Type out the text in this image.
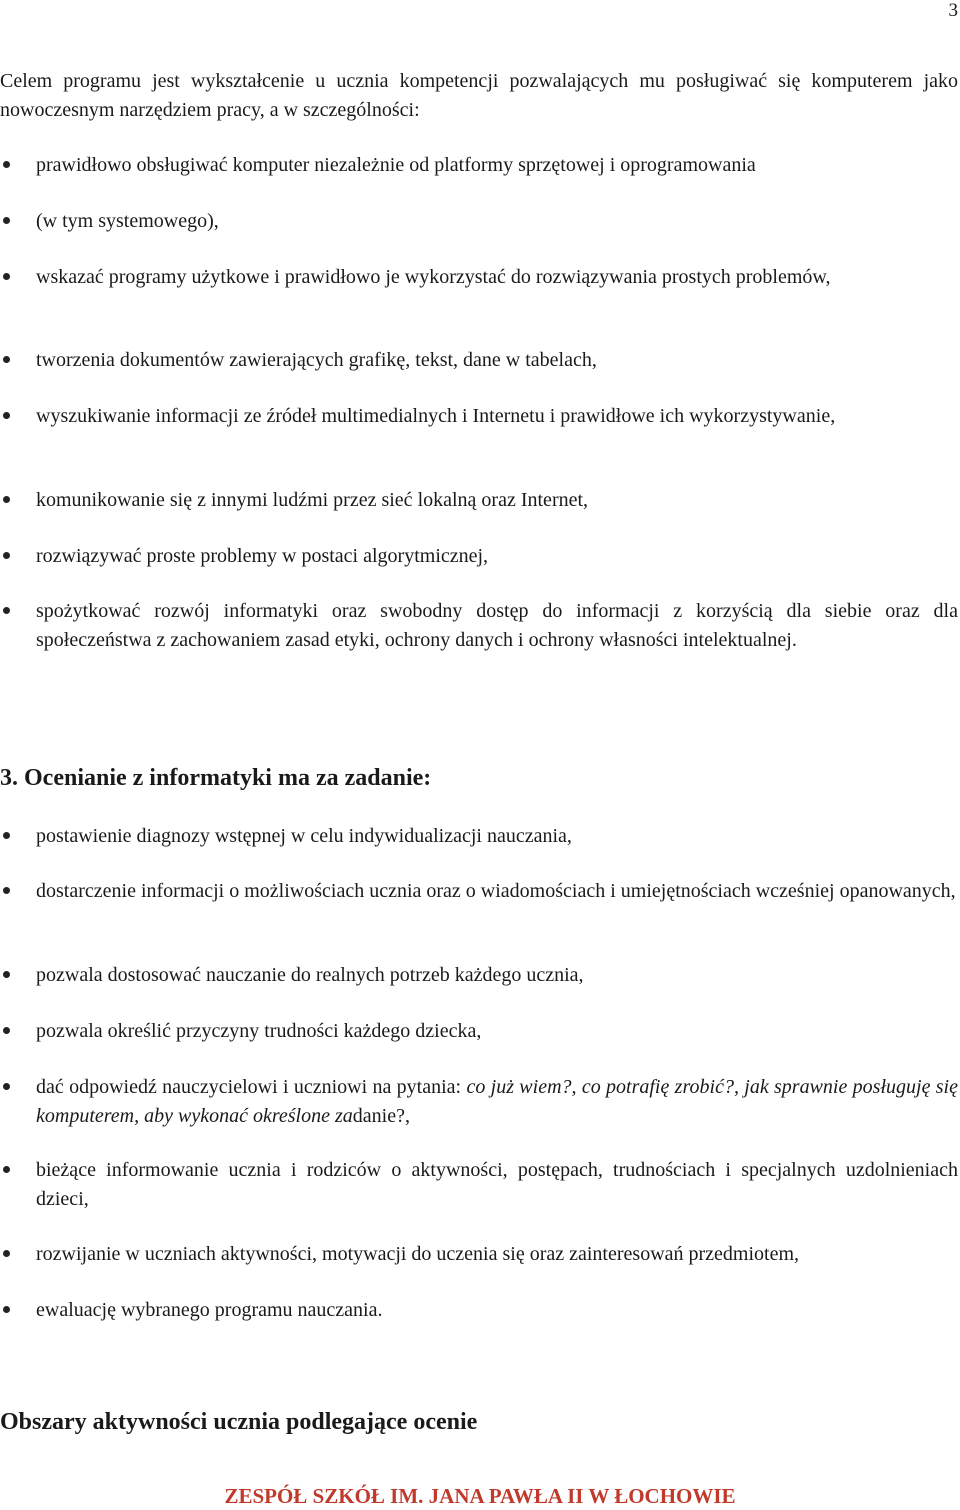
3
Celem programu jest wykształcenie u ucznia kompetencji pozwalających mu posługiwać się komputerem jako nowoczesnym narzędziem pracy, a w szczególności:
prawidłowo obsługiwać komputer niezależnie od platformy sprzętowej i oprogramowania
(w tym systemowego),
wskazać programy użytkowe i prawidłowo je wykorzystać do rozwiązywania prostych problemów,
tworzenia dokumentów zawierających grafikę, tekst, dane w tabelach,
wyszukiwanie informacji ze źródeł multimedialnych i Internetu i prawidłowe ich wykorzystywanie,
komunikowanie się z innymi ludźmi przez sieć lokalną oraz Internet,
rozwiązywać proste problemy w postaci algorytmicznej,
spożytkować rozwój informatyki oraz swobodny dostęp do informacji z korzyścią dla siebie oraz dla społeczeństwa z zachowaniem zasad etyki, ochrony danych i ochrony własności intelektualnej.
3. Ocenianie z informatyki ma za zadanie:
postawienie diagnozy wstępnej w celu indywidualizacji nauczania,
dostarczenie informacji o możliwościach ucznia oraz o wiadomościach i umiejętnościach wcześniej opanowanych,
pozwala dostosować nauczanie do realnych potrzeb każdego ucznia,
pozwala określić przyczyny trudności każdego dziecka,
dać odpowiedź nauczycielowi i uczniowi na pytania: co już wiem?, co potrafię zrobić?, jak sprawnie posługuję się komputerem, aby wykonać określone zadanie?,
bieżące informowanie ucznia i rodziców o aktywności, postępach, trudnościach i specjalnych uzdolnieniach dzieci,
rozwijanie w uczniach aktywności, motywacji do uczenia się oraz zainteresowań przedmiotem,
ewaluację wybranego programu nauczania.
Obszary aktywności ucznia podlegające ocenie
ZESPÓŁ SZKÓŁ IM. JANA PAWŁA II W ŁOCHOWIE
